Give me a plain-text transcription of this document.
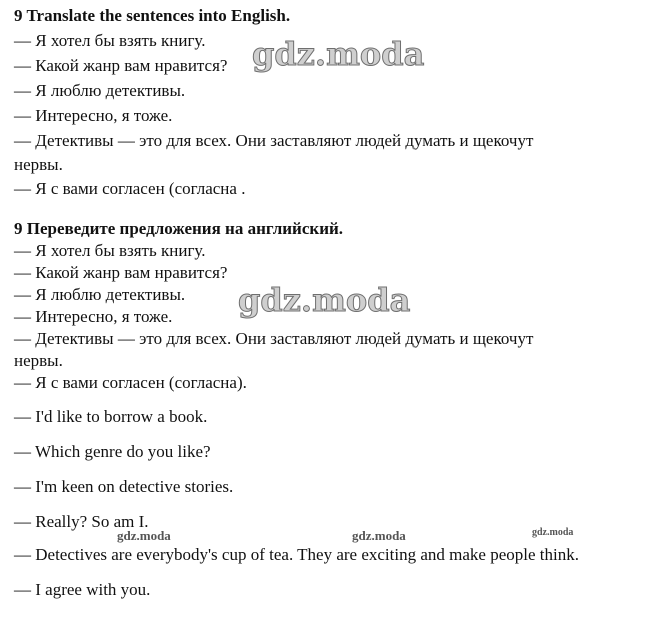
9 Translate the sentences into English.
— Я хотел бы взять книгу.
— Какой жанр вам нравится?
— Я люблю детективы.
— Интересно, я тоже.
— Детективы — это для всех. Они заставляют людей думать и щекочут
нервы.
— Я с вами согласен (согласна .
9 Переведите предложения на английский.
— Я хотел бы взять книгу.
— Какой жанр вам нравится?
— Я люблю детективы.
— Интересно, я тоже.
— Детективы — это для всех. Они заставляют людей думать и щекочут
нервы.
— Я с вами согласен (согласна).
— I'd like to borrow a book.
— Which genre do you like?
— I'm keen on detective stories.
— Really? So am I.
— Detectives are everybody's cup of tea. They are exciting and make people think.
— I agree with you.
gdz.moda
gdz.moda
gdz.moda	gdz.moda	gdz.moda
